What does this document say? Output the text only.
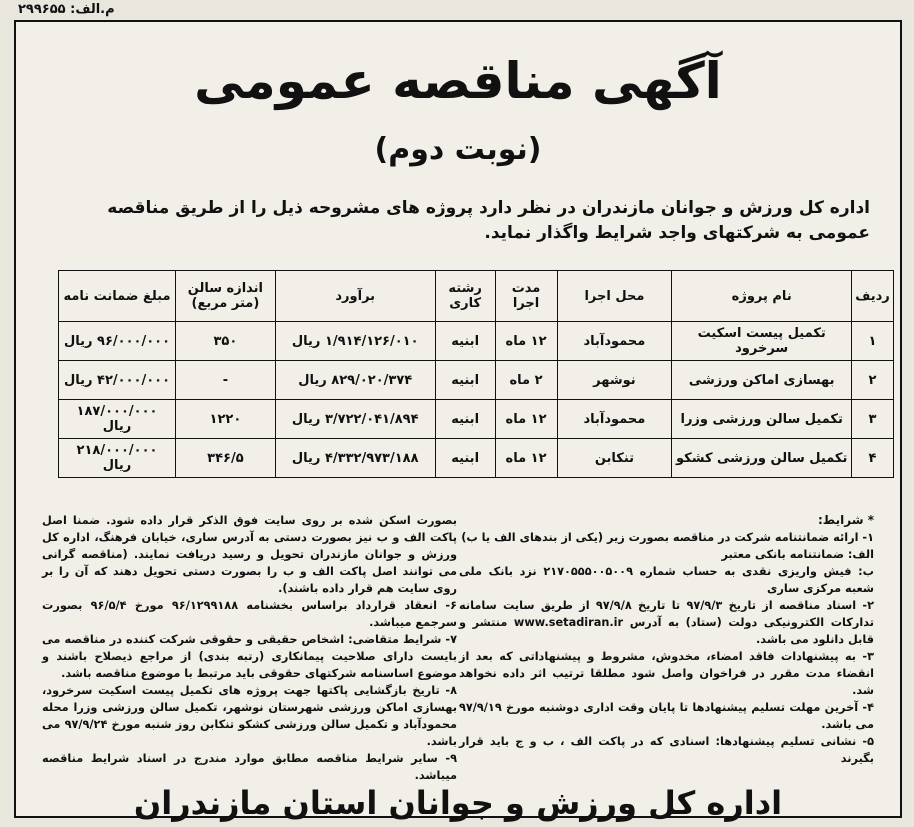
م.الف: ۲۹۹۶۵۵
آگهی مناقصه عمومی
(نوبت دوم)
اداره کل ورزش و جوانان مازندران در نظر دارد پروژه های مشروحه ذیل را از طریق مناقصه عمومی به شرکتهای واجد شرایط واگذار نماید.
ردیف	نام پروژه	محل اجرا	مدت اجرا	رشته کاری	برآورد	اندازه سالن (متر مربع)	مبلغ ضمانت نامه
۱	تکمیل پیست اسکیت سرخرود	محمودآباد	۱۲ ماه	ابنیه	۱/۹۱۴/۱۲۶/۰۱۰ ریال	۳۵۰	۹۶/۰۰۰/۰۰۰ ریال
۲	بهسازی اماکن ورزشی	نوشهر	۲ ماه	ابنیه	۸۲۹/۰۲۰/۳۷۴ ریال	-	۴۲/۰۰۰/۰۰۰ ریال
۳	تکمیل سالن ورزشی وزرا	محمودآباد	۱۲ ماه	ابنیه	۳/۷۲۲/۰۴۱/۸۹۴ ریال	۱۲۲۰	۱۸۷/۰۰۰/۰۰۰ ریال
۴	تکمیل سالن ورزشی کشکو	تنکابن	۱۲ ماه	ابنیه	۴/۳۳۲/۹۷۳/۱۸۸ ریال	۳۴۶/۵	۲۱۸/۰۰۰/۰۰۰ ریال

* شرایط:

۱- ارائه ضمانتنامه شرکت در مناقصه بصورت زیر (یکی از بندهای الف یا ب)

الف: ضمانتنامه بانکی معتبر

ب: فیش واریزی نقدی به حساب شماره ۲۱۷۰۵۵۵۰۰۵۰۰۹ نزد بانک ملی شعبه مرکزی ساری

۲- اسناد مناقصه از تاریخ ۹۷/۹/۳ تا تاریخ ۹۷/۹/۸ از طریق سایت سامانه تدارکات الکترونیکی دولت (ستاد) به آدرس www.setadiran.ir منتشر و قابل دانلود می باشد.

۳- به پیشنهادات فاقد امضاء، مخدوش، مشروط و پیشنهاداتی که بعد از انقضاء مدت مقرر در فراخوان واصل شود مطلقا ترتیب اثر داده نخواهد شد.

۴- آخرین مهلت تسلیم پیشنهادها تا پایان وقت اداری دوشنبه مورخ ۹۷/۹/۱۹ می باشد.

۵- نشانی تسلیم پیشنهادها: اسنادی که در پاکت الف ، ب و ج باید قرار بگیرند

بصورت اسکن شده بر روی سایت فوق الذکر قرار داده شود. ضمنا اصل پاکت الف و ب نیز بصورت دستی به آدرس ساری، خیابان فرهنگ، اداره کل ورزش و جوانان مازندران تحویل و رسید دریافت نمایند. (مناقصه گرانی می توانند اصل پاکت الف و ب را بصورت دستی تحویل دهند که آن را بر روی سایت هم قرار داده باشند).

۶- انعقاد قرارداد براساس بخشنامه ۹۶/۱۲۹۹۱۸۸ مورخ ۹۶/۵/۴ بصورت سرجمع میباشد.

۷- شرایط متقاضی: اشخاص حقیقی و حقوقی شرکت کننده در مناقصه می بایست دارای صلاحیت پیمانکاری (رتبه بندی) از مراجع ذیصلاح باشند و موضوع اساسنامه شرکتهای حقوقی باید مرتبط با موضوع مناقصه باشد.

۸- تاریخ بازگشایی پاکتها جهت پروژه های تکمیل پیست اسکیت سرخرود، بهسازی اماکن ورزشی شهرستان نوشهر، تکمیل سالن ورزشی وزرا محله محمودآباد و تکمیل سالن ورزشی کشکو تنکابن روز شنبه مورخ ۹۷/۹/۲۴ می باشد.

۹- سایر شرایط مناقصه مطابق موارد مندرج در اسناد شرایط مناقصه میباشد.

اداره کل ورزش و جوانان استان مازندران
